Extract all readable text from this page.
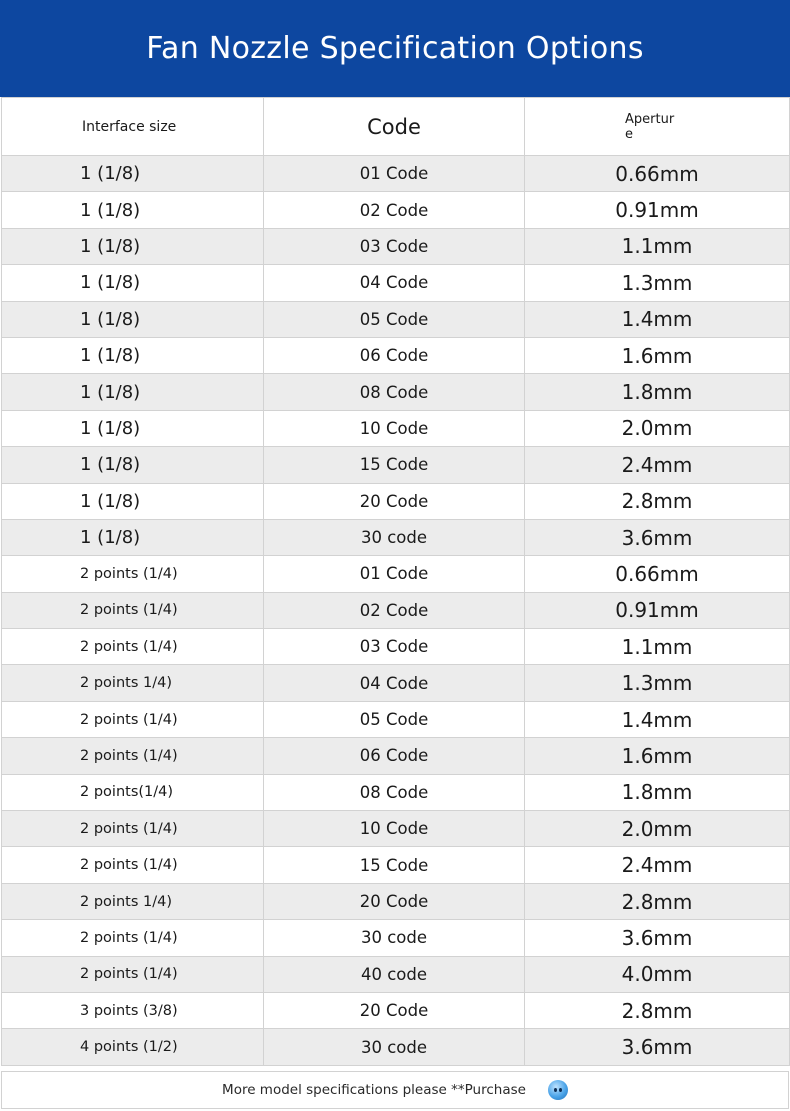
Fan Nozzle Specification Options
Interface size	Code	Apertur e
1 (1/8)	01 Code	0.66mm
1 (1/8)	02 Code	0.91mm
1 (1/8)	03 Code	1.1mm
1 (1/8)	04 Code	1.3mm
1 (1/8)	05 Code	1.4mm
1 (1/8)	06 Code	1.6mm
1 (1/8)	08 Code	1.8mm
1 (1/8)	10 Code	2.0mm
1 (1/8)	15 Code	2.4mm
1 (1/8)	20 Code	2.8mm
1 (1/8)	30 code	3.6mm
2 points (1/4)	01 Code	0.66mm
2 points (1/4)	02 Code	0.91mm
2 points (1/4)	03 Code	1.1mm
2 points 1/4)	04 Code	1.3mm
2 points (1/4)	05 Code	1.4mm
2 points (1/4)	06 Code	1.6mm
2 points(1/4)	08 Code	1.8mm
2 points (1/4)	10 Code	2.0mm
2 points (1/4)	15 Code	2.4mm
2 points 1/4)	20 Code	2.8mm
2 points (1/4)	30 code	3.6mm
2 points (1/4)	40 code	4.0mm
3 points (3/8)	20 Code	2.8mm
4 points (1/2)	30 code	3.6mm
More model specifications please **Purchase
